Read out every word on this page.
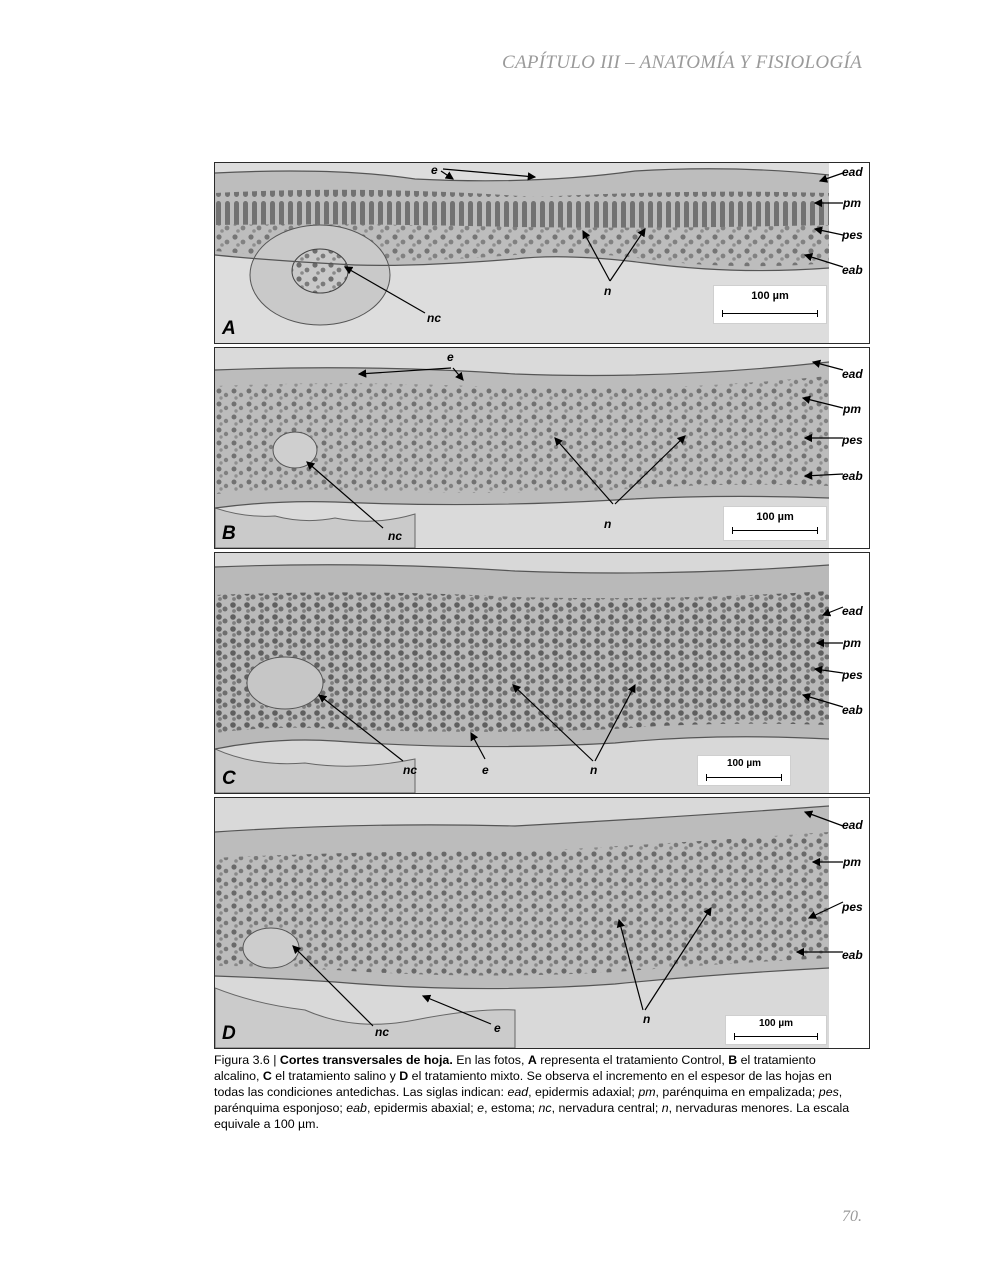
CAPÍTULO III – ANATOMÍA Y FISIOLOGÍA
e
n
nc
ead
pm
pes
eab
100 µm
A
e
n
nc
ead
pm
pes
eab
100 µm
B
nc	e	n
ead
pm
pes
eab
100 µm
C
nc	e
n
ead
pm
pes
eab
100 µm
D
Figura 3.6 | Cortes transversales de hoja. En las fotos, A representa el tratamiento Control, B el tratamiento alcalino, C el tratamiento salino y D el tratamiento mixto. Se observa el incremento en el espesor de las hojas en todas las condiciones antedichas. Las siglas indican: ead, epidermis adaxial; pm, parénquima en empalizada; pes, parénquima esponjoso; eab, epidermis abaxial; e, estoma; nc, nervadura central; n, nervaduras menores. La escala equivale a 100 µm.
70.
